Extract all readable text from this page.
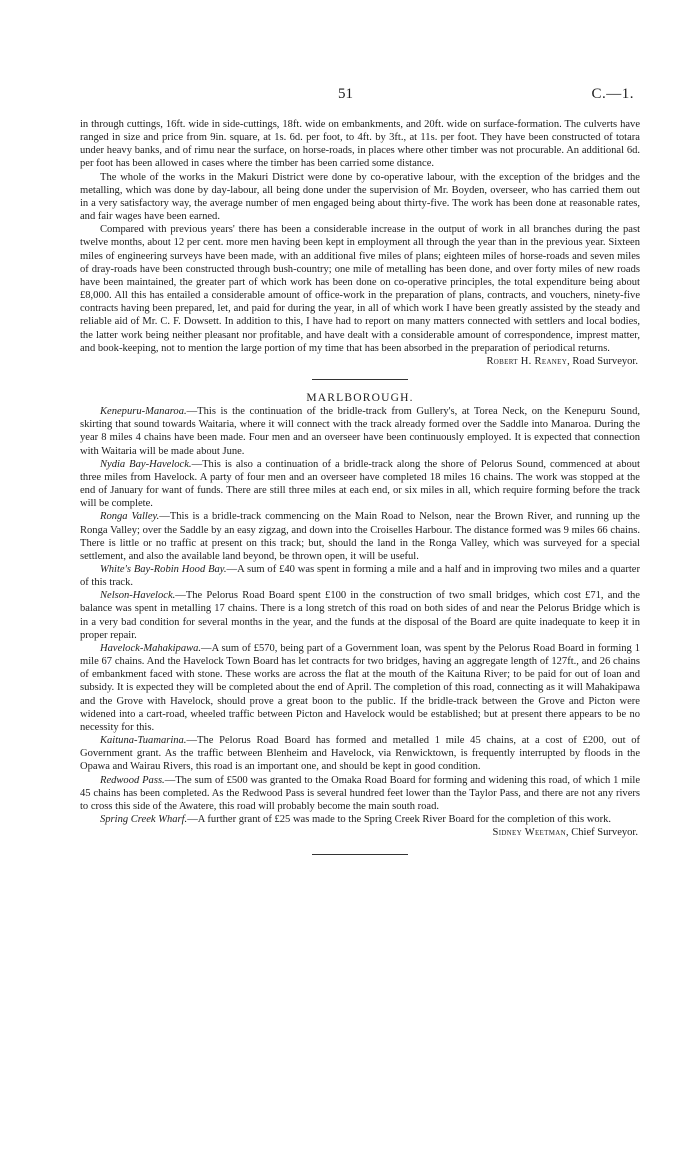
51	C.—1.

in through cuttings, 16ft. wide in side-cuttings, 18ft. wide on embankments, and 20ft. wide on surface-formation. The culverts have ranged in size and price from 9in. square, at 1s. 6d. per foot, to 4ft. by 3ft., at 11s. per foot. They have been constructed of totara under heavy banks, and of rimu near the surface, on horse-roads, in places where other timber was not procurable. An additional 6d. per foot has been allowed in cases where the timber has been carried some distance.

The whole of the works in the Makuri District were done by co-operative labour, with the exception of the bridges and the metalling, which was done by day-labour, all being done under the supervision of Mr. Boyden, overseer, who has carried them out in a very satisfactory way, the average number of men engaged being about thirty-five. The work has been done at reasonable rates, and fair wages have been earned.

Compared with previous years' there has been a considerable increase in the output of work in all branches during the past twelve months, about 12 per cent. more men having been kept in employment all through the year than in the previous year. Sixteen miles of engineering surveys have been made, with an additional five miles of plans; eighteen miles of horse-roads and seven miles of dray-roads have been constructed through bush-country; one mile of metalling has been done, and over forty miles of new roads have been maintained, the greater part of which work has been done on co-operative principles, the total expenditure being about £8,000. All this has entailed a considerable amount of office-work in the preparation of plans, contracts, and vouchers, ninety-five contracts having been prepared, let, and paid for during the year, in all of which work I have been greatly assisted by the steady and reliable aid of Mr. C. F. Dowsett. In addition to this, I have had to report on many matters connected with settlers and local bodies, the latter work being neither pleasant nor profitable, and have dealt with a considerable amount of correspondence, imprest matter, and book-keeping, not to mention the large portion of my time that has been absorbed in the preparation of periodical returns.

Robert H. Reaney, Road Surveyor.

MARLBOROUGH.

Kenepuru-Manaroa.—This is the continuation of the bridle-track from Gullery's, at Torea Neck, on the Kenepuru Sound, skirting that sound towards Waitaria, where it will connect with the track already formed over the Saddle into Manaroa. During the year 8 miles 4 chains have been made. Four men and an overseer have been continuously employed. It is expected that connection with Waitaria will be made about June.

Nydia Bay-Havelock.—This is also a continuation of a bridle-track along the shore of Pelorus Sound, commenced at about three miles from Havelock. A party of four men and an overseer have completed 18 miles 16 chains. The work was stopped at the end of January for want of funds. There are still three miles at each end, or six miles in all, which require forming before the track will be complete.

Ronga Valley.—This is a bridle-track commencing on the Main Road to Nelson, near the Brown River, and running up the Ronga Valley; over the Saddle by an easy zigzag, and down into the Croiselles Harbour. The distance formed was 9 miles 66 chains. There is little or no traffic at present on this track; but, should the land in the Ronga Valley, which was surveyed for a special settlement, and also the available land beyond, be thrown open, it will be useful.

White's Bay-Robin Hood Bay.—A sum of £40 was spent in forming a mile and a half and in improving two miles and a quarter of this track.

Nelson-Havelock.—The Pelorus Road Board spent £100 in the construction of two small bridges, which cost £71, and the balance was spent in metalling 17 chains. There is a long stretch of this road on both sides of and near the Pelorus Bridge which is in a very bad condition for several months in the year, and the funds at the disposal of the Board are quite inadequate to keep it in proper repair.

Havelock-Mahakipawa.—A sum of £570, being part of a Government loan, was spent by the Pelorus Road Board in forming 1 mile 67 chains. And the Havelock Town Board has let contracts for two bridges, having an aggregate length of 127ft., and 26 chains of embankment faced with stone. These works are across the flat at the mouth of the Kaituna River; to be paid for out of loan and subsidy. It is expected they will be completed about the end of April. The completion of this road, connecting as it will Mahakipawa and the Grove with Havelock, should prove a great boon to the public. If the bridle-track between the Grove and Picton were widened into a cart-road, wheeled traffic between Picton and Havelock would be established; but at present there appears to be no necessity for this.

Kaituna-Tuamarina.—The Pelorus Road Board has formed and metalled 1 mile 45 chains, at a cost of £200, out of Government grant. As the traffic between Blenheim and Havelock, via Renwicktown, is frequently interrupted by floods in the Opawa and Wairau Rivers, this road is an important one, and should be kept in good condition.

Redwood Pass.—The sum of £500 was granted to the Omaka Road Board for forming and widening this road, of which 1 mile 45 chains has been completed. As the Redwood Pass is several hundred feet lower than the Taylor Pass, and there are not any rivers to cross this side of the Awatere, this road will probably become the main south road.

Spring Creek Wharf.—A further grant of £25 was made to the Spring Creek River Board for the completion of this work.

Sidney Weetman, Chief Surveyor.
